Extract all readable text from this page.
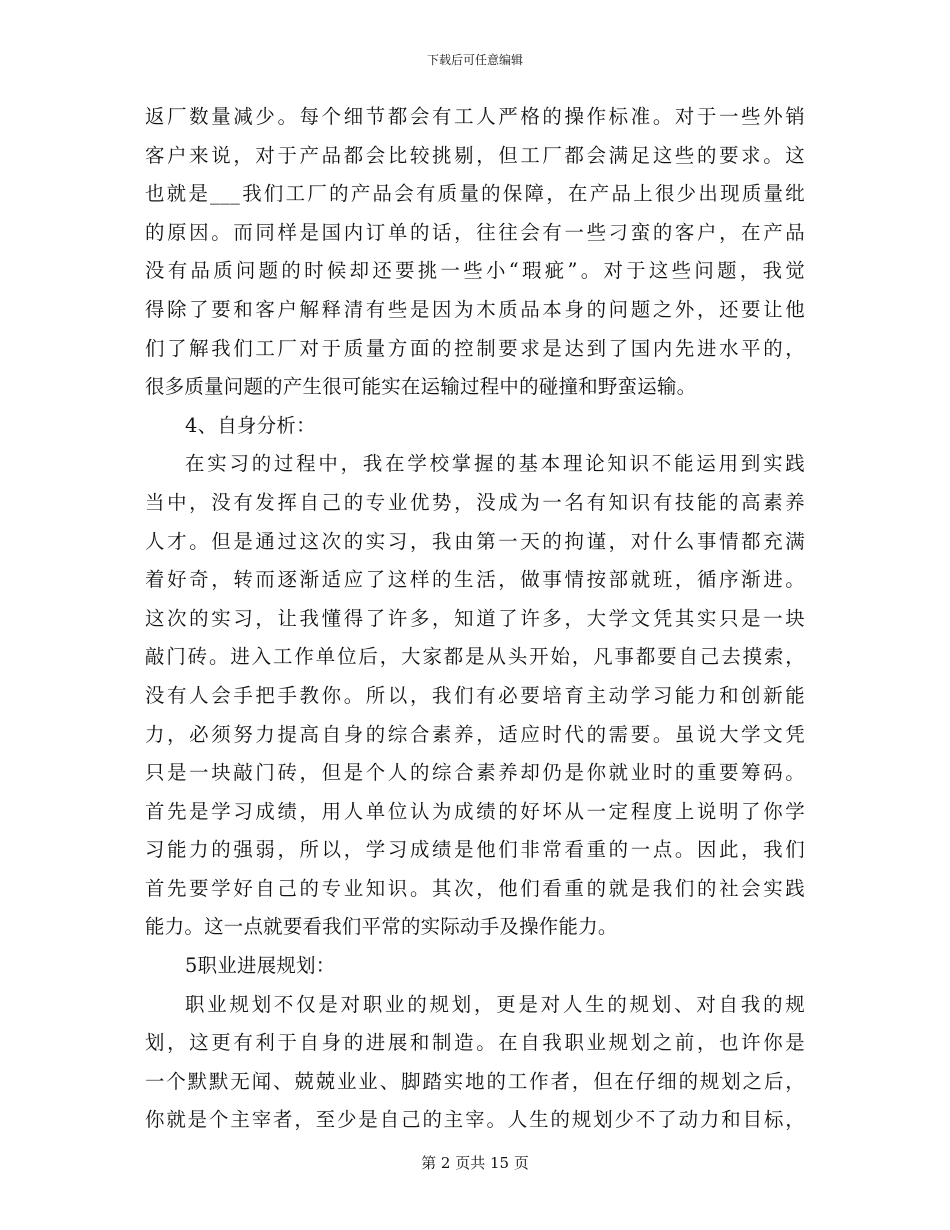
下载后可任意编辑
返厂数量减少。每个细节都会有工人严格的操作标准。对于一些外销
客户来说，对于产品都会比较挑剔，但工厂都会满足这些的要求。这
也就是___我们工厂的产品会有质量的保障，在产品上很少出现质量纰
的原因。而同样是国内订单的话，往往会有一些刁蛮的客户，在产品
没有品质问题的时候却还要挑一些小“瑕疵”。对于这些问题，我觉
得除了要和客户解释清有些是因为木质品本身的问题之外，还要让他
们了解我们工厂对于质量方面的控制要求是达到了国内先进水平的，
很多质量问题的产生很可能实在运输过程中的碰撞和野蛮运输。
4、自身分析：
在实习的过程中，我在学校掌握的基本理论知识不能运用到实践
当中，没有发挥自己的专业优势，没成为一名有知识有技能的高素养
人才。但是通过这次的实习，我由第一天的拘谨，对什么事情都充满
着好奇，转而逐渐适应了这样的生活，做事情按部就班，循序渐进。
这次的实习，让我懂得了许多，知道了许多，大学文凭其实只是一块
敲门砖。进入工作单位后，大家都是从头开始，凡事都要自己去摸索，
没有人会手把手教你。所以，我们有必要培育主动学习能力和创新能
力，必须努力提高自身的综合素养，适应时代的需要。虽说大学文凭
只是一块敲门砖，但是个人的综合素养却仍是你就业时的重要筹码。
首先是学习成绩，用人单位认为成绩的好坏从一定程度上说明了你学
习能力的强弱，所以，学习成绩是他们非常看重的一点。因此，我们
首先要学好自己的专业知识。其次，他们看重的就是我们的社会实践
能力。这一点就要看我们平常的实际动手及操作能力。
5职业进展规划：
职业规划不仅是对职业的规划，更是对人生的规划、对自我的规
划，这更有利于自身的进展和制造。在自我职业规划之前，也许你是
一个默默无闻、兢兢业业、脚踏实地的工作者，但在仔细的规划之后，
你就是个主宰者，至少是自己的主宰。人生的规划少不了动力和目标，
第 2 页共 15 页
